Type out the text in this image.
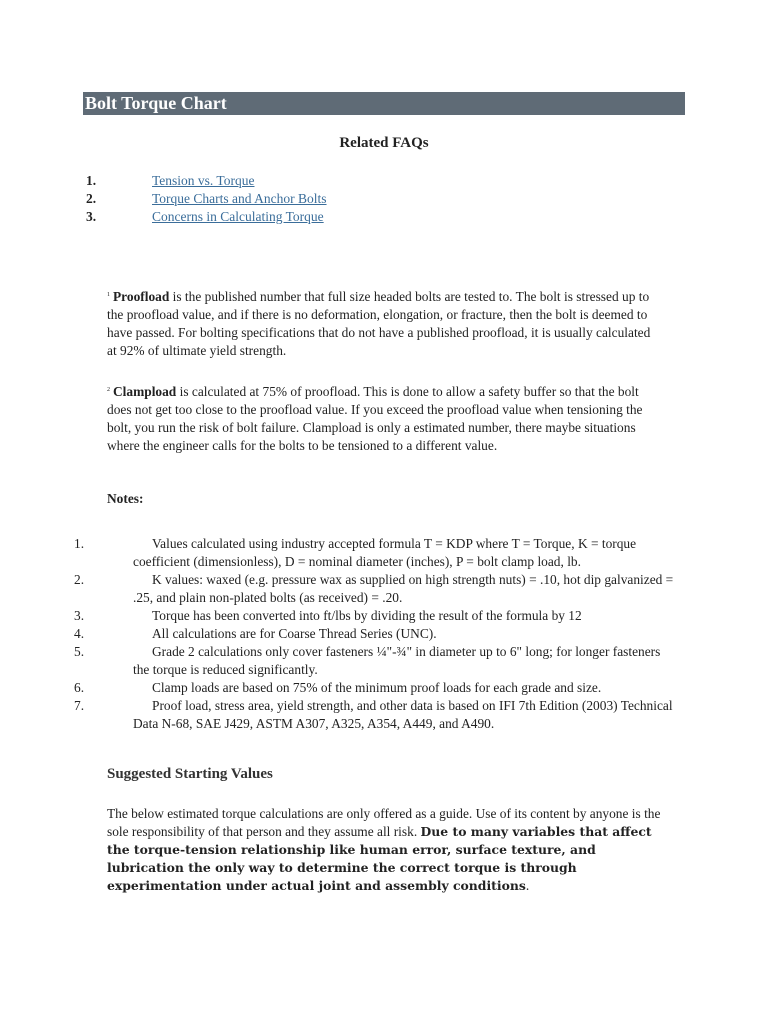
Bolt Torque Chart
Related FAQs
1.	Tension vs. Torque
2.	Torque Charts and Anchor Bolts
3.	Concerns in Calculating Torque

$^1$ Proofload is the published number that full size headed bolts are tested to. The bolt is stressed up to the proofload value, and if there is no deformation, elongation, or fracture, then the bolt is deemed to have passed. For bolting specifications that do not have a published proofload, it is usually calculated at 92% of ultimate yield strength.

$^2$ Clampload is calculated at 75% of proofload. This is done to allow a safety buffer so that the bolt does not get too close to the proofload value. If you exceed the proofload value when tensioning the bolt, you run the risk of bolt failure. Clampload is only a estimated number, there maybe situations where the engineer calls for the bolts to be tensioned to a different value.

Notes:
1.	Values calculated using industry accepted formula T = KDP where T = Torque, K = torque coefficient (dimensionless), D = nominal diameter (inches), P = bolt clamp load, lb.
2.	K values: waxed (e.g. pressure wax as supplied on high strength nuts) = .10, hot dip galvanized = .25, and plain non-plated bolts (as received) = .20.
3.	Torque has been converted into ft/lbs by dividing the result of the formula by 12
4.	All calculations are for Coarse Thread Series (UNC).
5.	Grade 2 calculations only cover fasteners ¼"-¾" in diameter up to 6" long; for longer fasteners the torque is reduced significantly.
6.	Clamp loads are based on 75% of the minimum proof loads for each grade and size.
7.	Proof load, stress area, yield strength, and other data is based on IFI 7th Edition (2003) Technical Data N-68, SAE J429, ASTM A307, A325, A354, A449, and A490.
Suggested Starting Values

The below estimated torque calculations are only offered as a guide. Use of its content by anyone is the sole responsibility of that person and they assume all risk. Due to many variables that affect the torque-tension relationship like human error, surface texture, and lubrication the only way to determine the correct torque is through experimentation under actual joint and assembly conditions.
